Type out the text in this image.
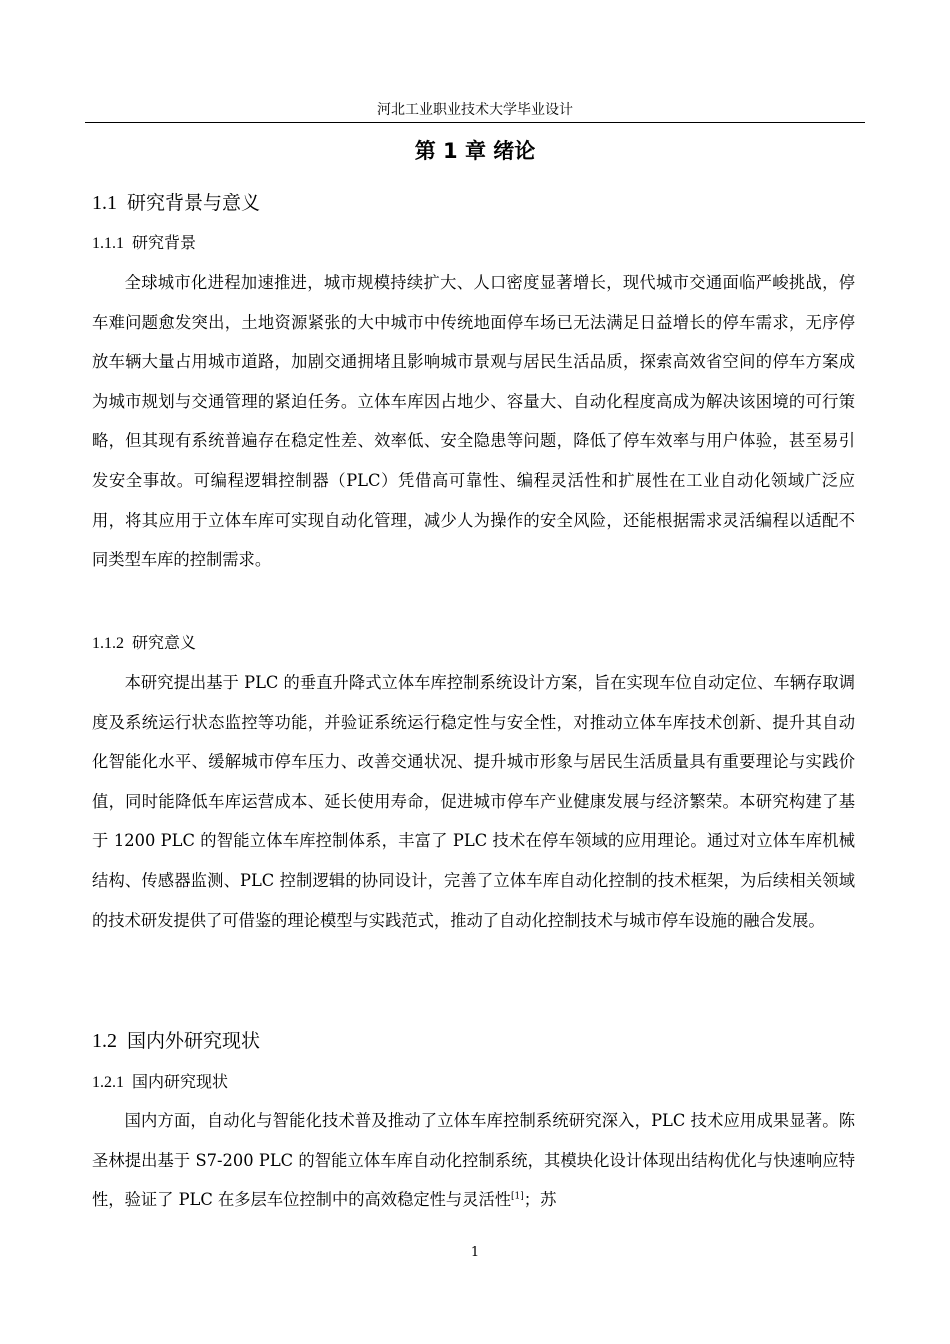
河北工业职业技术大学毕业设计
第 1 章 绪论
1.1 研究背景与意义
1.1.1 研究背景

全球城市化进程加速推进，城市规模持续扩大、人口密度显著增长，现代城市交通面临严峻挑战，停车难问题愈发突出，土地资源紧张的大中城市中传统地面停车场已无法满足日益增长的停车需求，无序停放车辆大量占用城市道路，加剧交通拥堵且影响城市景观与居民生活品质，探索高效省空间的停车方案成为城市规划与交通管理的紧迫任务。立体车库因占地少、容量大、自动化程度高成为解决该困境的可行策略，但其现有系统普遍存在稳定性差、效率低、安全隐患等问题，降低了停车效率与用户体验，甚至易引发安全事故。可编程逻辑控制器（PLC）凭借高可靠性、编程灵活性和扩展性在工业自动化领域广泛应用，将其应用于立体车库可实现自动化管理，减少人为操作的安全风险，还能根据需求灵活编程以适配不同类型车库的控制需求。

1.1.2 研究意义

本研究提出基于 PLC 的垂直升降式立体车库控制系统设计方案，旨在实现车位自动定位、车辆存取调度及系统运行状态监控等功能，并验证系统运行稳定性与安全性，对推动立体车库技术创新、提升其自动化智能化水平、缓解城市停车压力、改善交通状况、提升城市形象与居民生活质量具有重要理论与实践价值，同时能降低车库运营成本、延长使用寿命，促进城市停车产业健康发展与经济繁荣。本研究构建了基于 1200 PLC 的智能立体车库控制体系，丰富了 PLC 技术在停车领域的应用理论。通过对立体车库机械结构、传感器监测、PLC 控制逻辑的协同设计，完善了立体车库自动化控制的技术框架，为后续相关领域的技术研发提供了可借鉴的理论模型与实践范式，推动了自动化控制技术与城市停车设施的融合发展。

1.2 国内外研究现状
1.2.1 国内研究现状

国内方面，自动化与智能化技术普及推动了立体车库控制系统研究深入，PLC 技术应用成果显著。陈圣林提出基于 S7-200 PLC 的智能立体车库自动化控制系统，其模块化设计体现出结构优化与快速响应特性，验证了 PLC 在多层车位控制中的高效稳定性与灵活性[1]；苏

1
